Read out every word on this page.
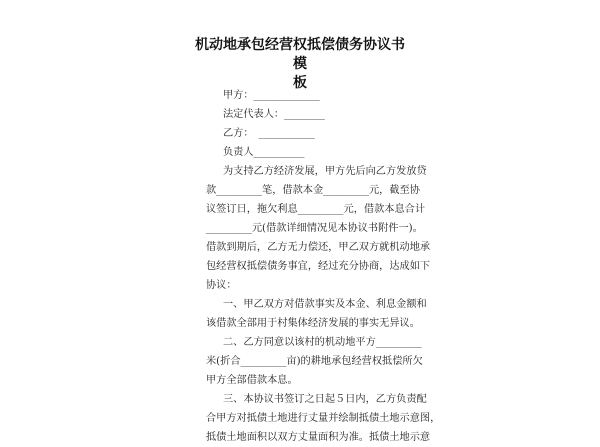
机动地承包经营权抵偿债务协议书模
板
甲方：_____________
法定代表人：________
乙方：　___________
负责人__________
为支持乙方经济发展，甲方先后向乙方发放贷
款_________笔，借款本金_________元，截至协
议签订日，拖欠利息_________元，借款本息合计
_________元(借款详细情况见本协议书附件一)。
借款到期后，乙方无力偿还，甲乙双方就机动地承
包经营权抵偿债务事宜，经过充分协商，达成如下
协议：
一、甲乙双方对借款事实及本金、利息金额和
该借款全部用于村集体经济发展的事实无异议。
二、乙方同意以该村的机动地平方_________
米(折合_________亩)的耕地承包经营权抵偿所欠
甲方全部借款本息。
三、本协议书签订之日起５日内，乙方负责配
合甲方对抵债土地进行丈量并绘制抵债土地示意图，
抵债土地面积以双方丈量面积为准。抵债土地示意
